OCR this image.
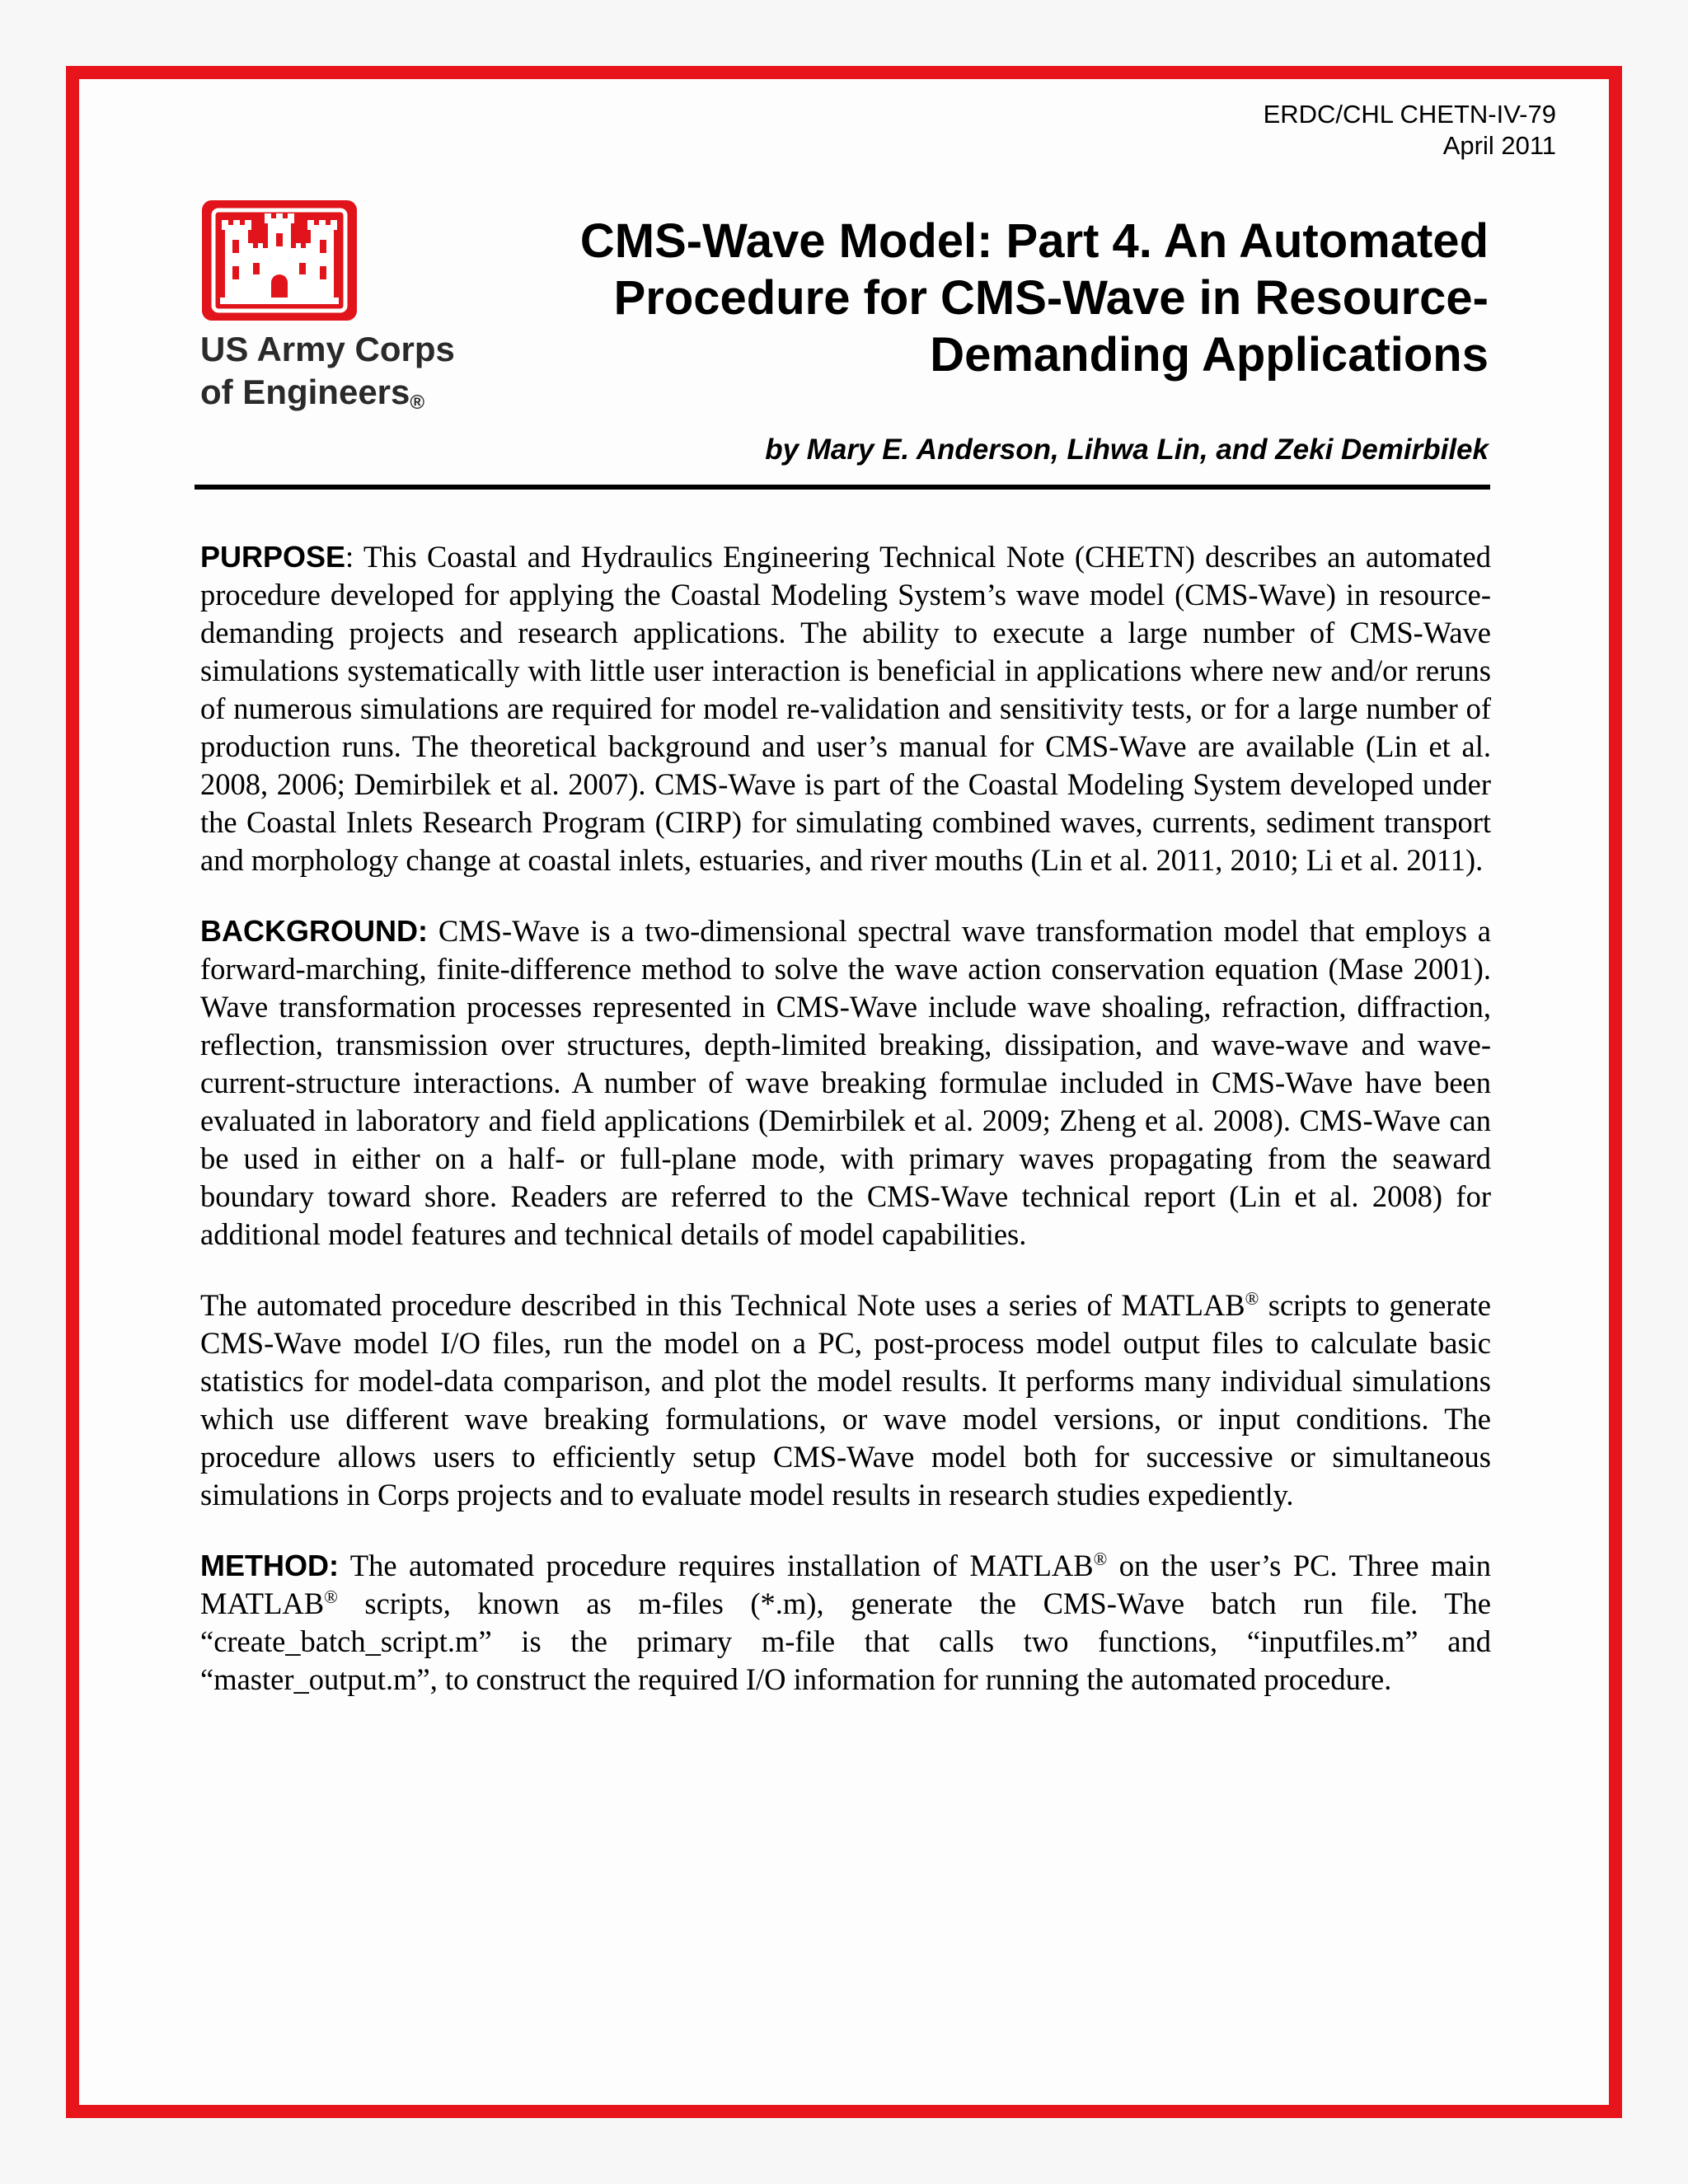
ERDC/CHL CHETN-IV-79
April 2011
US Army Corps
of Engineers$_®$
CMS-Wave Model: Part 4. An Automated
Procedure for CMS-Wave in Resource-
Demanding Applications
by Mary E. Anderson, Lihwa Lin, and Zeki Demirbilek

PURPOSE: This Coastal and Hydraulics Engineering Technical Note (CHETN) describes an automated procedure developed for applying the Coastal Modeling System’s wave model (CMS-Wave) in resource-demanding projects and research applications. The ability to execute a large number of CMS-Wave simulations systematically with little user interaction is beneficial in applications where new and/or reruns of numerous simulations are required for model re-validation and sensitivity tests, or for a large number of production runs. The theoretical background and user’s manual for CMS-Wave are available (Lin et al. 2008, 2006; Demirbilek et al. 2007). CMS-Wave is part of the Coastal Modeling System developed under the Coastal Inlets Research Program (CIRP) for simulating combined waves, currents, sediment transport and morphology change at coastal inlets, estuaries, and river mouths (Lin et al. 2011, 2010; Li et al. 2011).

BACKGROUND: CMS-Wave is a two-dimensional spectral wave transformation model that employs a forward-marching, finite-difference method to solve the wave action conservation equation (Mase 2001). Wave transformation processes represented in CMS-Wave include wave shoaling, refraction, diffraction, reflection, transmission over structures, depth-limited breaking, dissipation, and wave-wave and wave-current-structure interactions. A number of wave breaking formulae included in CMS-Wave have been evaluated in laboratory and field applications (Demirbilek et al. 2009; Zheng et al. 2008). CMS-Wave can be used in either on a half- or full-plane mode, with primary waves propagating from the seaward boundary toward shore. Readers are referred to the CMS-Wave technical report (Lin et al. 2008) for additional model features and technical details of model capabilities.

The automated procedure described in this Technical Note uses a series of MATLAB® scripts to generate CMS-Wave model I/O files, run the model on a PC, post-process model output files to calculate basic statistics for model-data comparison, and plot the model results. It performs many individual simulations which use different wave breaking formulations, or wave model versions, or input conditions. The procedure allows users to efficiently setup CMS-Wave model both for successive or simultaneous simulations in Corps projects and to evaluate model results in research studies expediently.

METHOD: The automated procedure requires installation of MATLAB® on the user’s PC. Three main MATLAB® scripts, known as m-files (*.m), generate the CMS-Wave batch run file. The “create_batch_script.m” is the primary m-file that calls two functions, “inputfiles.m” and “master_output.m”, to construct the required I/O information for running the automated procedure.
